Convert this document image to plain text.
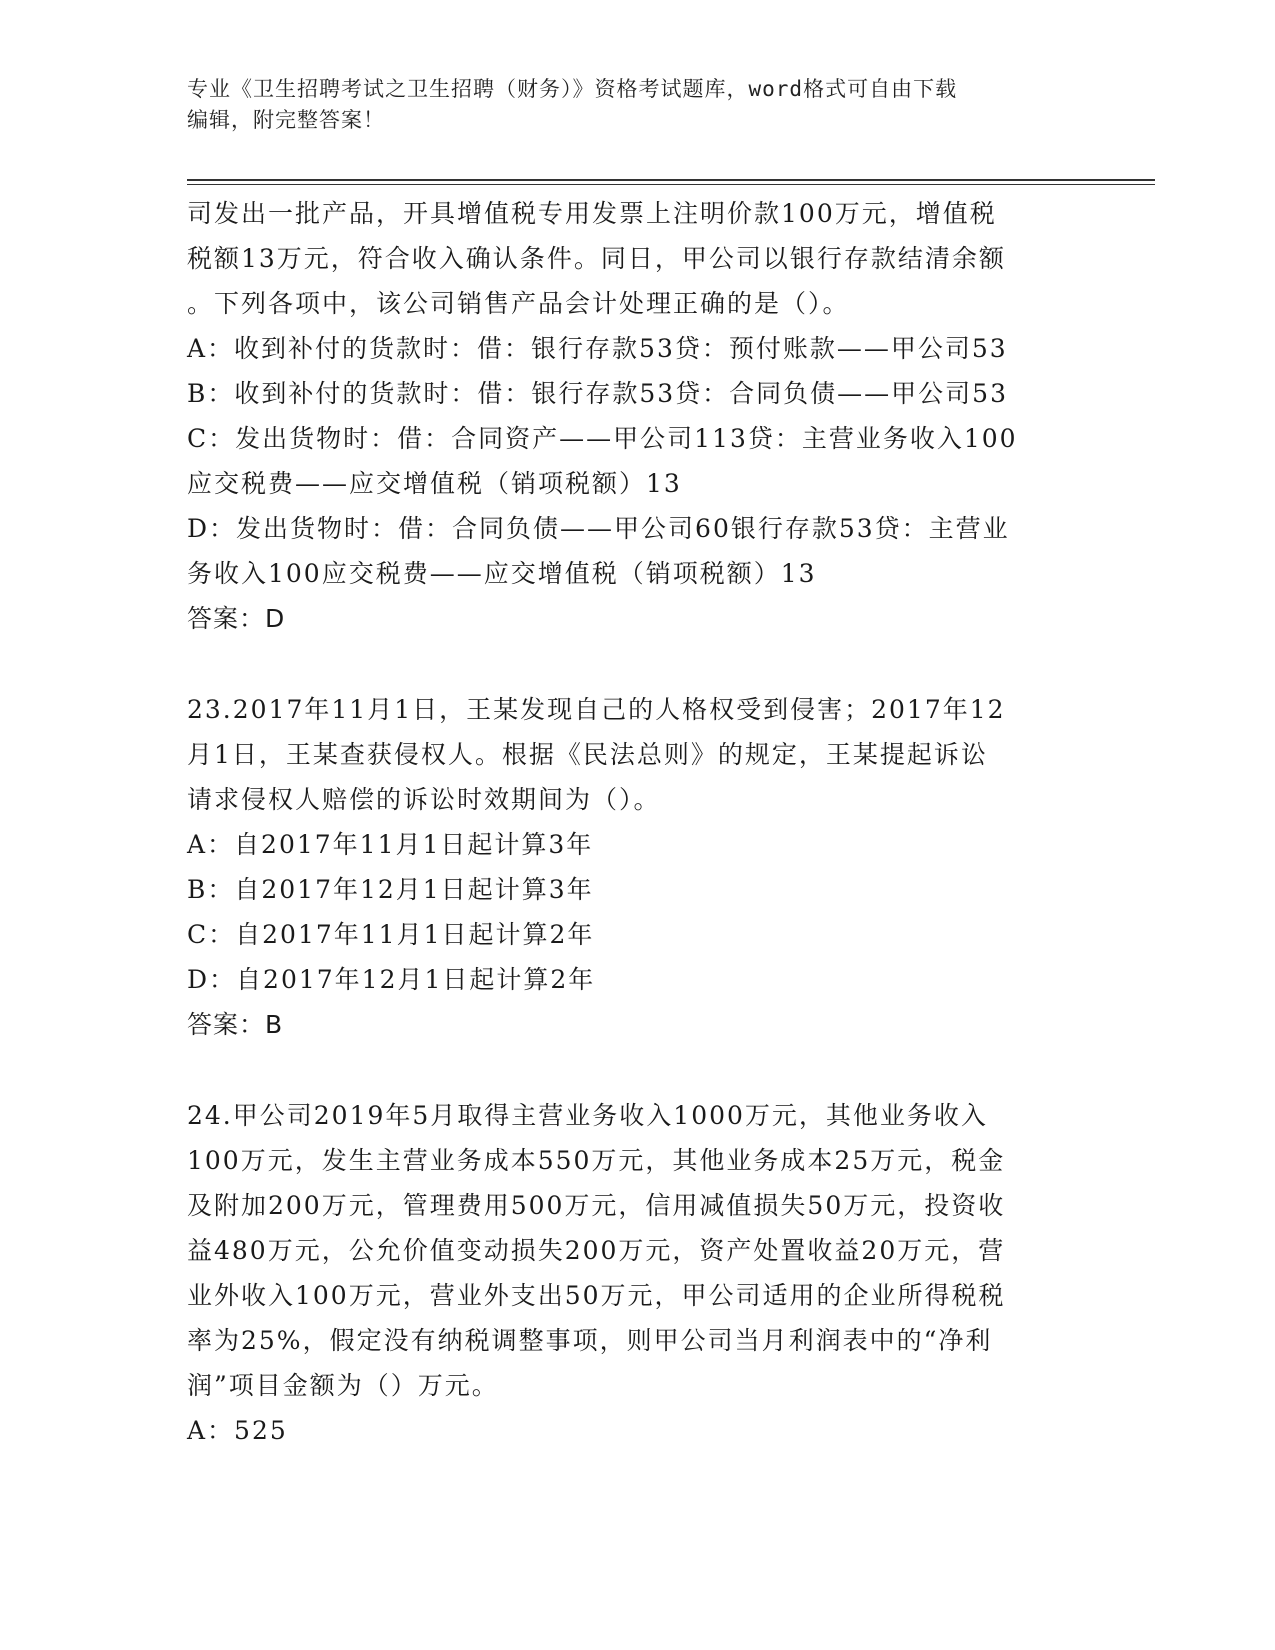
专业《卫生招聘考试之卫生招聘（财务）》资格考试题库，word格式可自由下载
编辑，附完整答案！
司发出一批产品，开具增值税专用发票上注明价款100万元，增值税
税额13万元，符合收入确认条件。同日，甲公司以银行存款结清余额
。下列各项中，该公司销售产品会计处理正确的是（）。
A：收到补付的货款时：借：银行存款53贷：预付账款——甲公司53
B：收到补付的货款时：借：银行存款53贷：合同负债——甲公司53
C：发出货物时：借：合同资产——甲公司113贷：主营业务收入100
应交税费——应交增值税（销项税额）13
D：发出货物时：借：合同负债——甲公司60银行存款53贷：主营业
务收入100应交税费——应交增值税（销项税额）13
答案：D
23.2017年11月1日，王某发现自己的人格权受到侵害；2017年12
月1日，王某查获侵权人。根据《民法总则》的规定，王某提起诉讼
请求侵权人赔偿的诉讼时效期间为（）。
A：自2017年11月1日起计算3年
B：自2017年12月1日起计算3年
C：自2017年11月1日起计算2年
D：自2017年12月1日起计算2年
答案：B
24.甲公司2019年5月取得主营业务收入1000万元，其他业务收入
100万元，发生主营业务成本550万元，其他业务成本25万元，税金
及附加200万元，管理费用500万元，信用减值损失50万元，投资收
益480万元，公允价值变动损失200万元，资产处置收益20万元，营
业外收入100万元，营业外支出50万元，甲公司适用的企业所得税税
率为25%，假定没有纳税调整事项，则甲公司当月利润表中的“净利
润”项目金额为（）万元。
A：525
